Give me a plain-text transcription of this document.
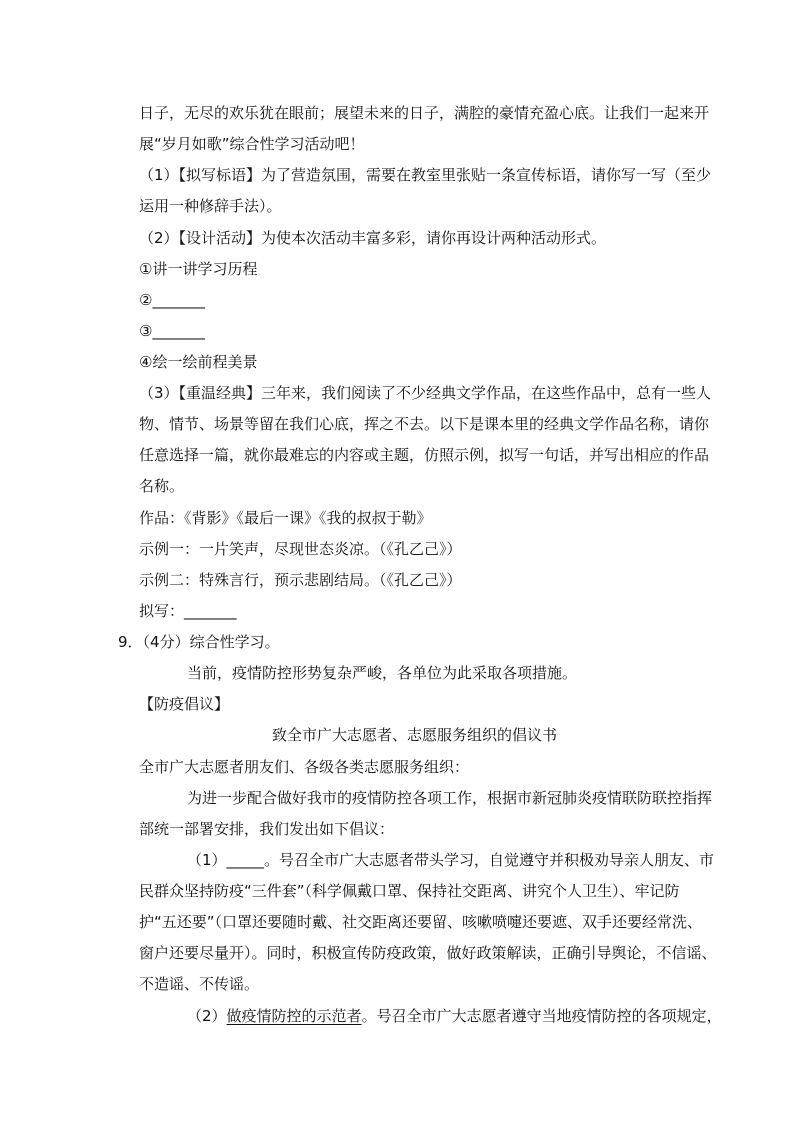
日子，无尽的欢乐犹在眼前；展望未来的日子，满腔的豪情充盈心底。让我们一起来开
展“岁月如歌”综合性学习活动吧！
（1）【拟写标语】为了营造氛围，需要在教室里张贴一条宣传标语，请你写一写（至少
运用一种修辞手法）。
（2）【设计活动】为使本次活动丰富多彩，请你再设计两种活动形式。
①讲一讲学习历程
②_______
③_______
④绘一绘前程美景
（3）【重温经典】三年来，我们阅读了不少经典文学作品，在这些作品中，总有一些人
物、情节、场景等留在我们心底，挥之不去。以下是课本里的经典文学作品名称，请你
任意选择一篇，就你最难忘的内容或主题，仿照示例，拟写一句话，并写出相应的作品
名称。
作品：《背影》《最后一课》《我的叔叔于勒》
示例一：一片笑声，尽现世态炎凉。（《孔乙己》）
示例二：特殊言行，预示悲剧结局。（《孔乙己》）
拟写：_______
9．（4分）综合性学习。
当前，疫情防控形势复杂严峻，各单位为此采取各项措施。
【防疫倡议】
致全市广大志愿者、志愿服务组织的倡议书
全市广大志愿者朋友们、各级各类志愿服务组织：
为进一步配合做好我市的疫情防控各项工作，根据市新冠肺炎疫情联防联控指挥
部统一部署安排，我们发出如下倡议：
（1）_____。号召全市广大志愿者带头学习，自觉遵守并积极劝导亲人朋友、市
民群众坚持防疫“三件套”（科学佩戴口罩、保持社交距离、讲究个人卫生）、牢记防
护“五还要”（口罩还要随时戴、社交距离还要留、咳嗽喷嚏还要遮、双手还要经常洗、
窗户还要尽量开）。同时，积极宣传防疫政策，做好政策解读，正确引导舆论，不信谣、
不造谣、不传谣。
（2）做疫情防控的示范者。号召全市广大志愿者遵守当地疫情防控的各项规定，
